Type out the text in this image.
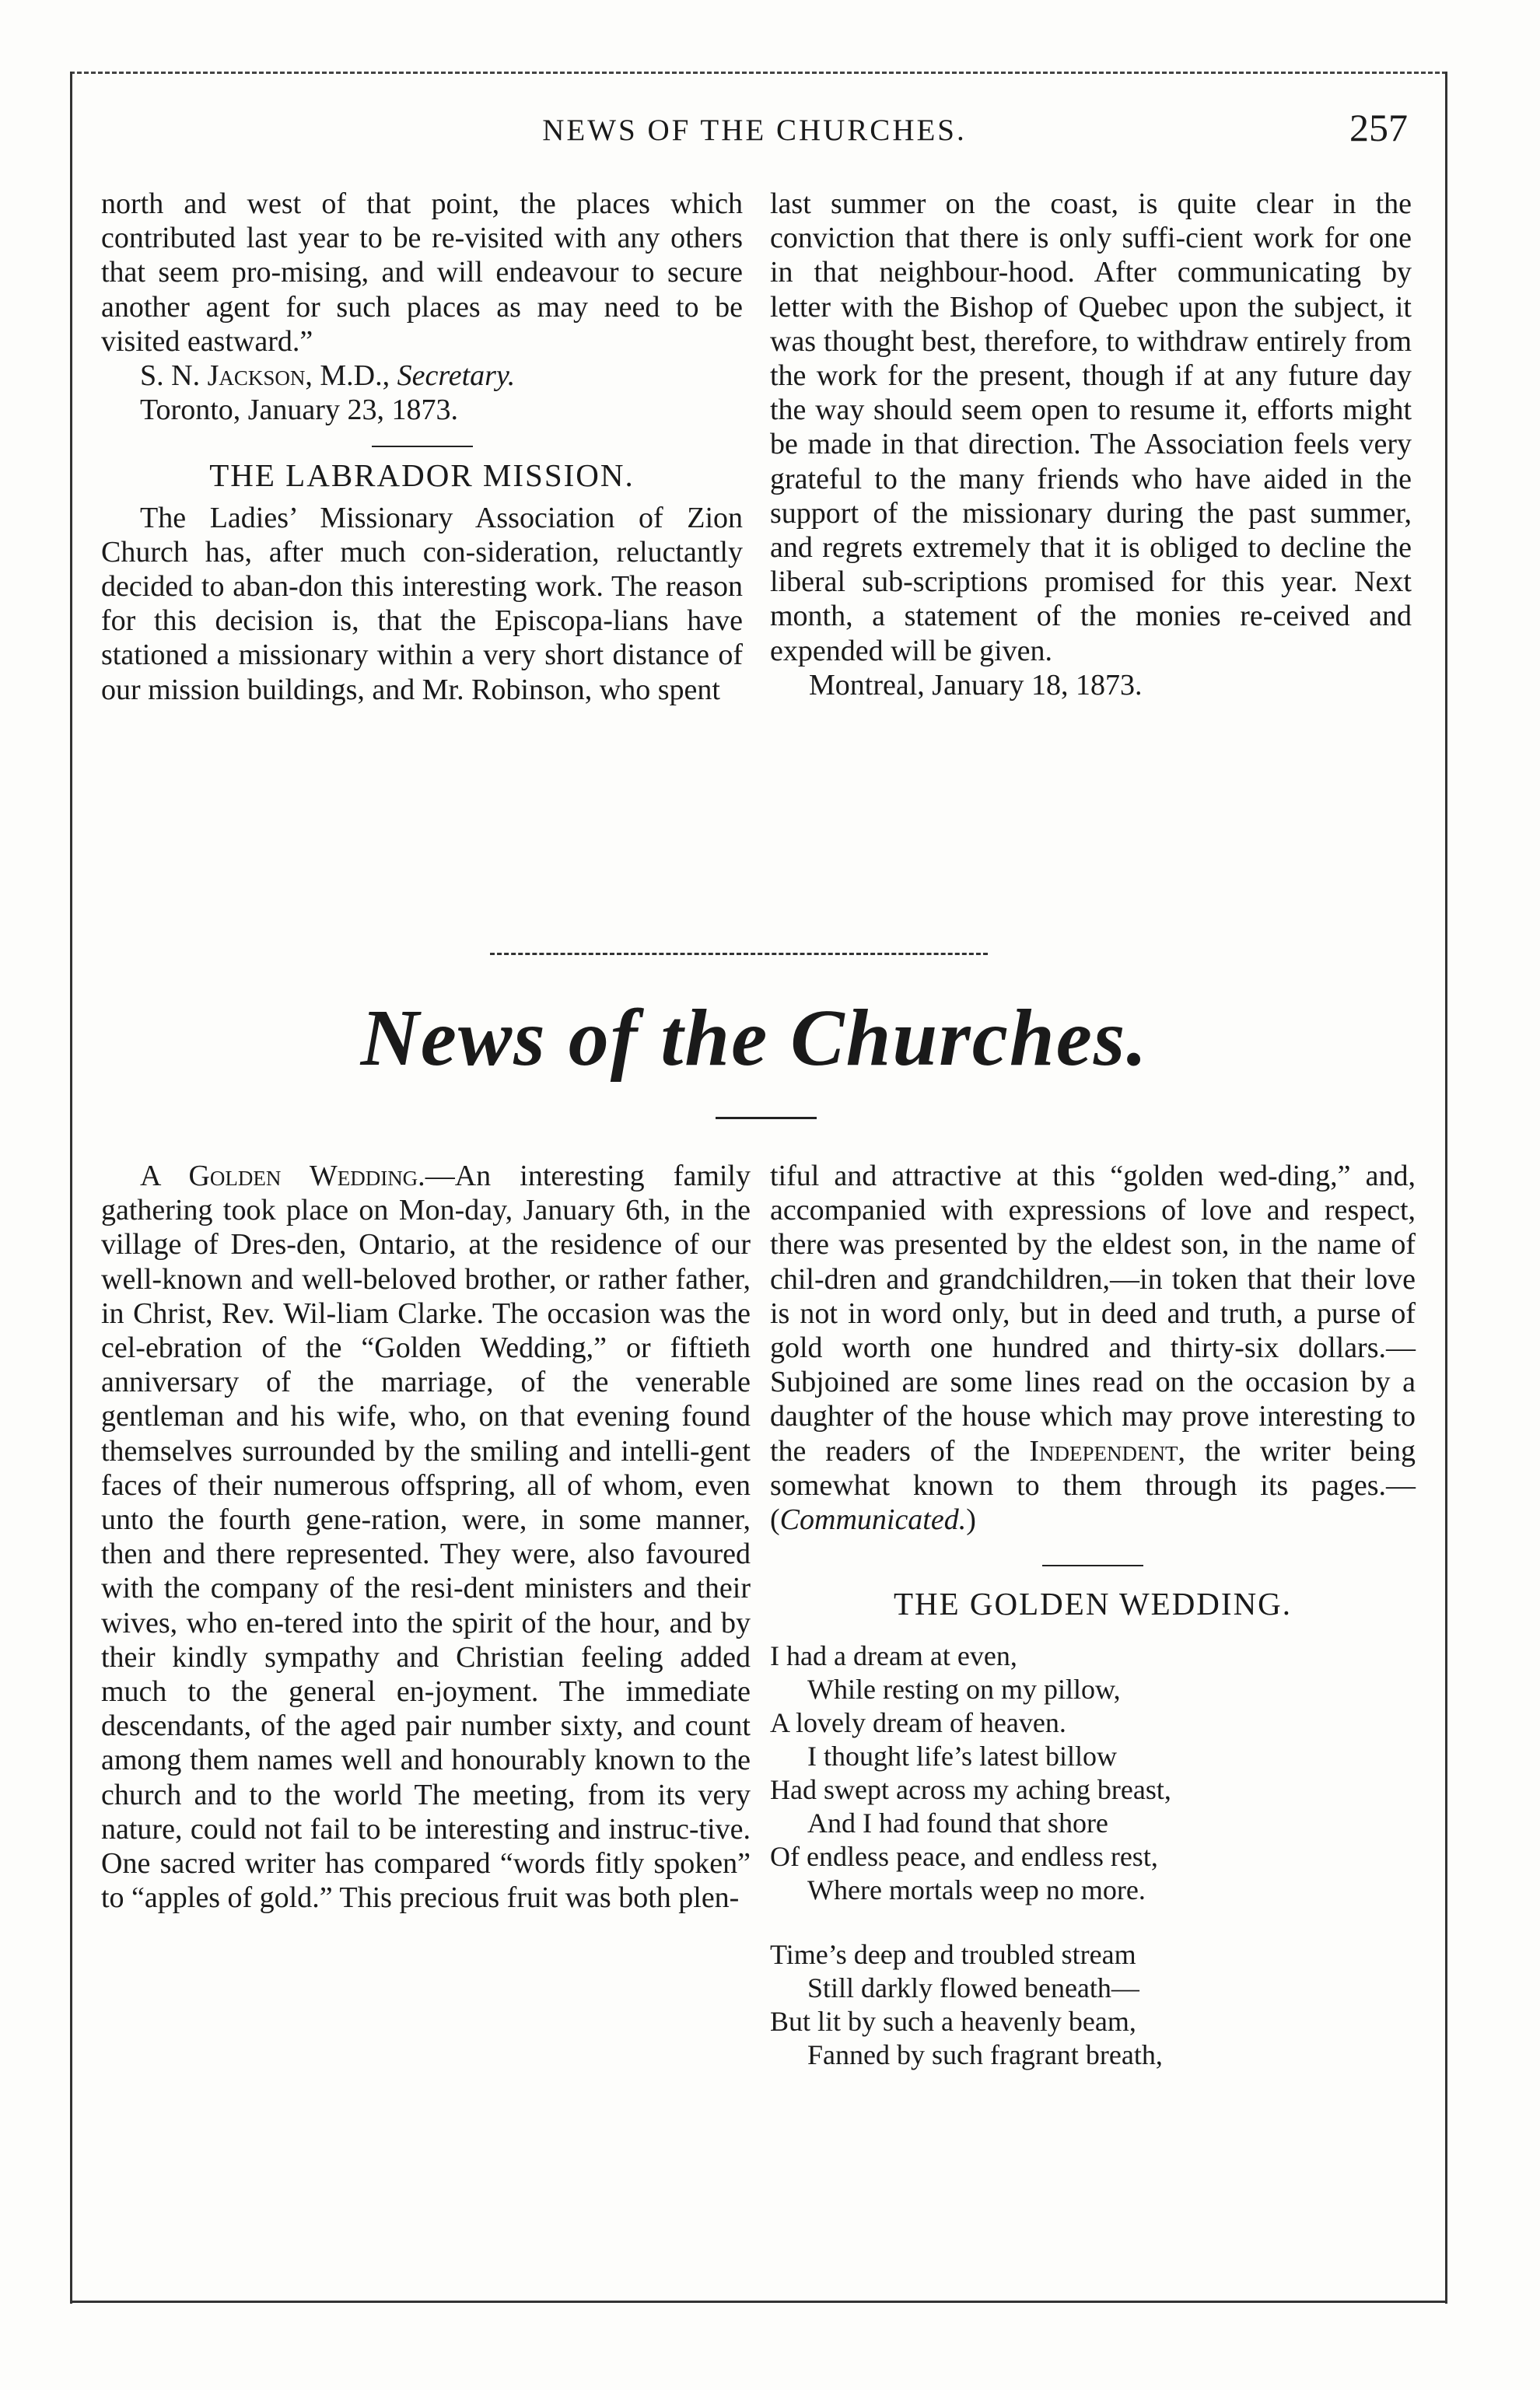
NEWS OF THE CHURCHES.	257

north and west of that point, the places which contributed last year to be re-visited with any others that seem pro-mising, and will endeavour to secure another agent for such places as may need to be visited eastward.”

S. N. Jackson, M.D., Secretary.

Toronto, January 23, 1873.

THE LABRADOR MISSION.

The Ladies’ Missionary Association of Zion Church has, after much con-sideration, reluctantly decided to aban-don this interesting work. The reason for this decision is, that the Episcopa-lians have stationed a missionary within a very short distance of our mission buildings, and Mr. Robinson, who spent

last summer on the coast, is quite clear in the conviction that there is only suffi-cient work for one in that neighbour-hood. After communicating by letter with the Bishop of Quebec upon the subject, it was thought best, therefore, to withdraw entirely from the work for the present, though if at any future day the way should seem open to resume it, efforts might be made in that direction. The Association feels very grateful to the many friends who have aided in the support of the missionary during the past summer, and regrets extremely that it is obliged to decline the liberal sub-scriptions promised for this year. Next month, a statement of the monies re-ceived and expended will be given.

Montreal, January 18, 1873.

News of the Churches.

A Golden Wedding.—An interesting family gathering took place on Mon-day, January 6th, in the village of Dres-den, Ontario, at the residence of our well-known and well-beloved brother, or rather father, in Christ, Rev. Wil-liam Clarke. The occasion was the cel-ebration of the “Golden Wedding,” or fiftieth anniversary of the marriage, of the venerable gentleman and his wife, who, on that evening found themselves surrounded by the smiling and intelli-gent faces of their numerous offspring, all of whom, even unto the fourth gene-ration, were, in some manner, then and there represented. They were, also favoured with the company of the resi-dent ministers and their wives, who en-tered into the spirit of the hour, and by their kindly sympathy and Christian feeling added much to the general en-joyment. The immediate descendants, of the aged pair number sixty, and count among them names well and honourably known to the church and to the world The meeting, from its very nature, could not fail to be interesting and instruc-tive. One sacred writer has compared “words fitly spoken” to “apples of gold.” This precious fruit was both plen-

tiful and attractive at this “golden wed-ding,” and, accompanied with expressions of love and respect, there was presented by the eldest son, in the name of chil-dren and grandchildren,—in token that their love is not in word only, but in deed and truth, a purse of gold worth one hundred and thirty-six dollars.—Subjoined are some lines read on the occasion by a daughter of the house which may prove interesting to the readers of the Independent, the writer being somewhat known to them through its pages.—(Communicated.)

THE GOLDEN WEDDING.
I had a dream at even,
While resting on my pillow,
A lovely dream of heaven.
I thought life’s latest billow
Had swept across my aching breast,
And I had found that shore
Of endless peace, and endless rest,
Where mortals weep no more.
Time’s deep and troubled stream
Still darkly flowed beneath—
But lit by such a heavenly beam,
Fanned by such fragrant breath,
